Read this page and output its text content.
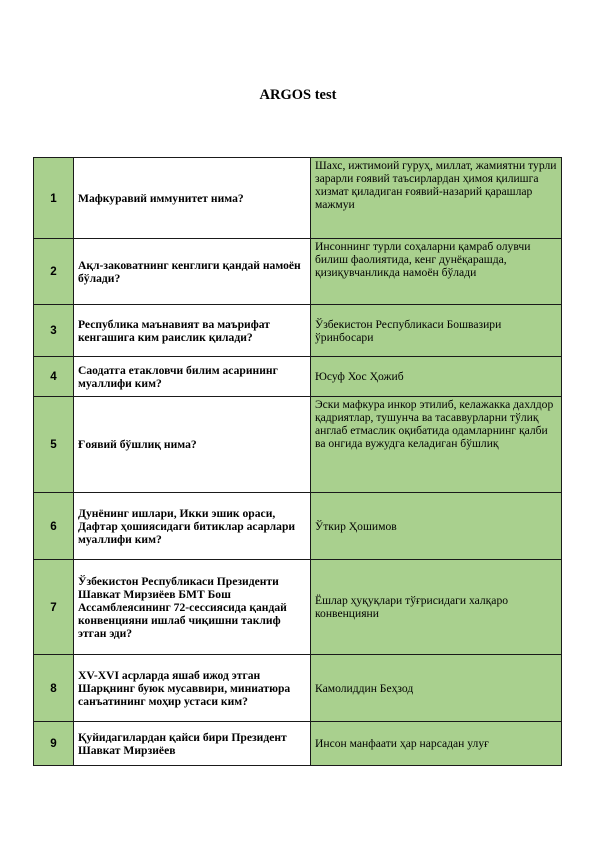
ARGOS test
1	Мафкуравий иммунитет нима?	Шахс, ижтимоий гуруҳ, миллат, жамиятни турли зарарли ғоявий таъсирлардан ҳимоя қилишга хизмат қиладиган ғоявий-назарий қарашлар мажмуи
2	Ақл-заковатнинг кенглиги қандай намоён бўлади?	Инсоннинг турли соҳаларни қамраб олувчи билиш фаолиятида, кенг дунёқарашда, қизиқувчанликда намоён бўлади
3	Республика маънавият ва маърифат кенгашига ким раислик қилади?	Ўзбекистон Республикаси Бошвазири ўринбосари
4	Саодатга етакловчи билим асарининг муаллифи ким?	Юсуф Хос Ҳожиб
5	Ғоявий бўшлиқ нима?	Эски мафкура инкор этилиб, келажакка дахлдор қадриятлар, тушунча ва тасаввурларни тўлиқ англаб етмаслик оқибатида одамларнинг қалби ва онгида вужудга келадиган бўшлиқ
6	Дунёнинг ишлари, Икки эшик ораси, Дафтар ҳошиясидаги битиклар асарлари муаллифи ким?	Ўткир Ҳошимов
7	Ўзбекистон Республикаси Президенти Шавкат Мирзиёев БМТ Бош Ассамблеясининг 72-сессиясида қандай конвенцияни ишлаб чиқишни таклиф этган эди?	Ёшлар ҳуқуқлари тўғрисидаги халқаро конвенцияни
8	XV-XVI асрларда яшаб ижод этган Шарқнинг буюк мусаввири, миниатюра санъатининг моҳир устаси ким?	Камолиддин Беҳзод
9	Қуйидагилардан қайси бири Президент Шавкат Мирзиёев	Инсон манфаати ҳар нарсадан улуғ
